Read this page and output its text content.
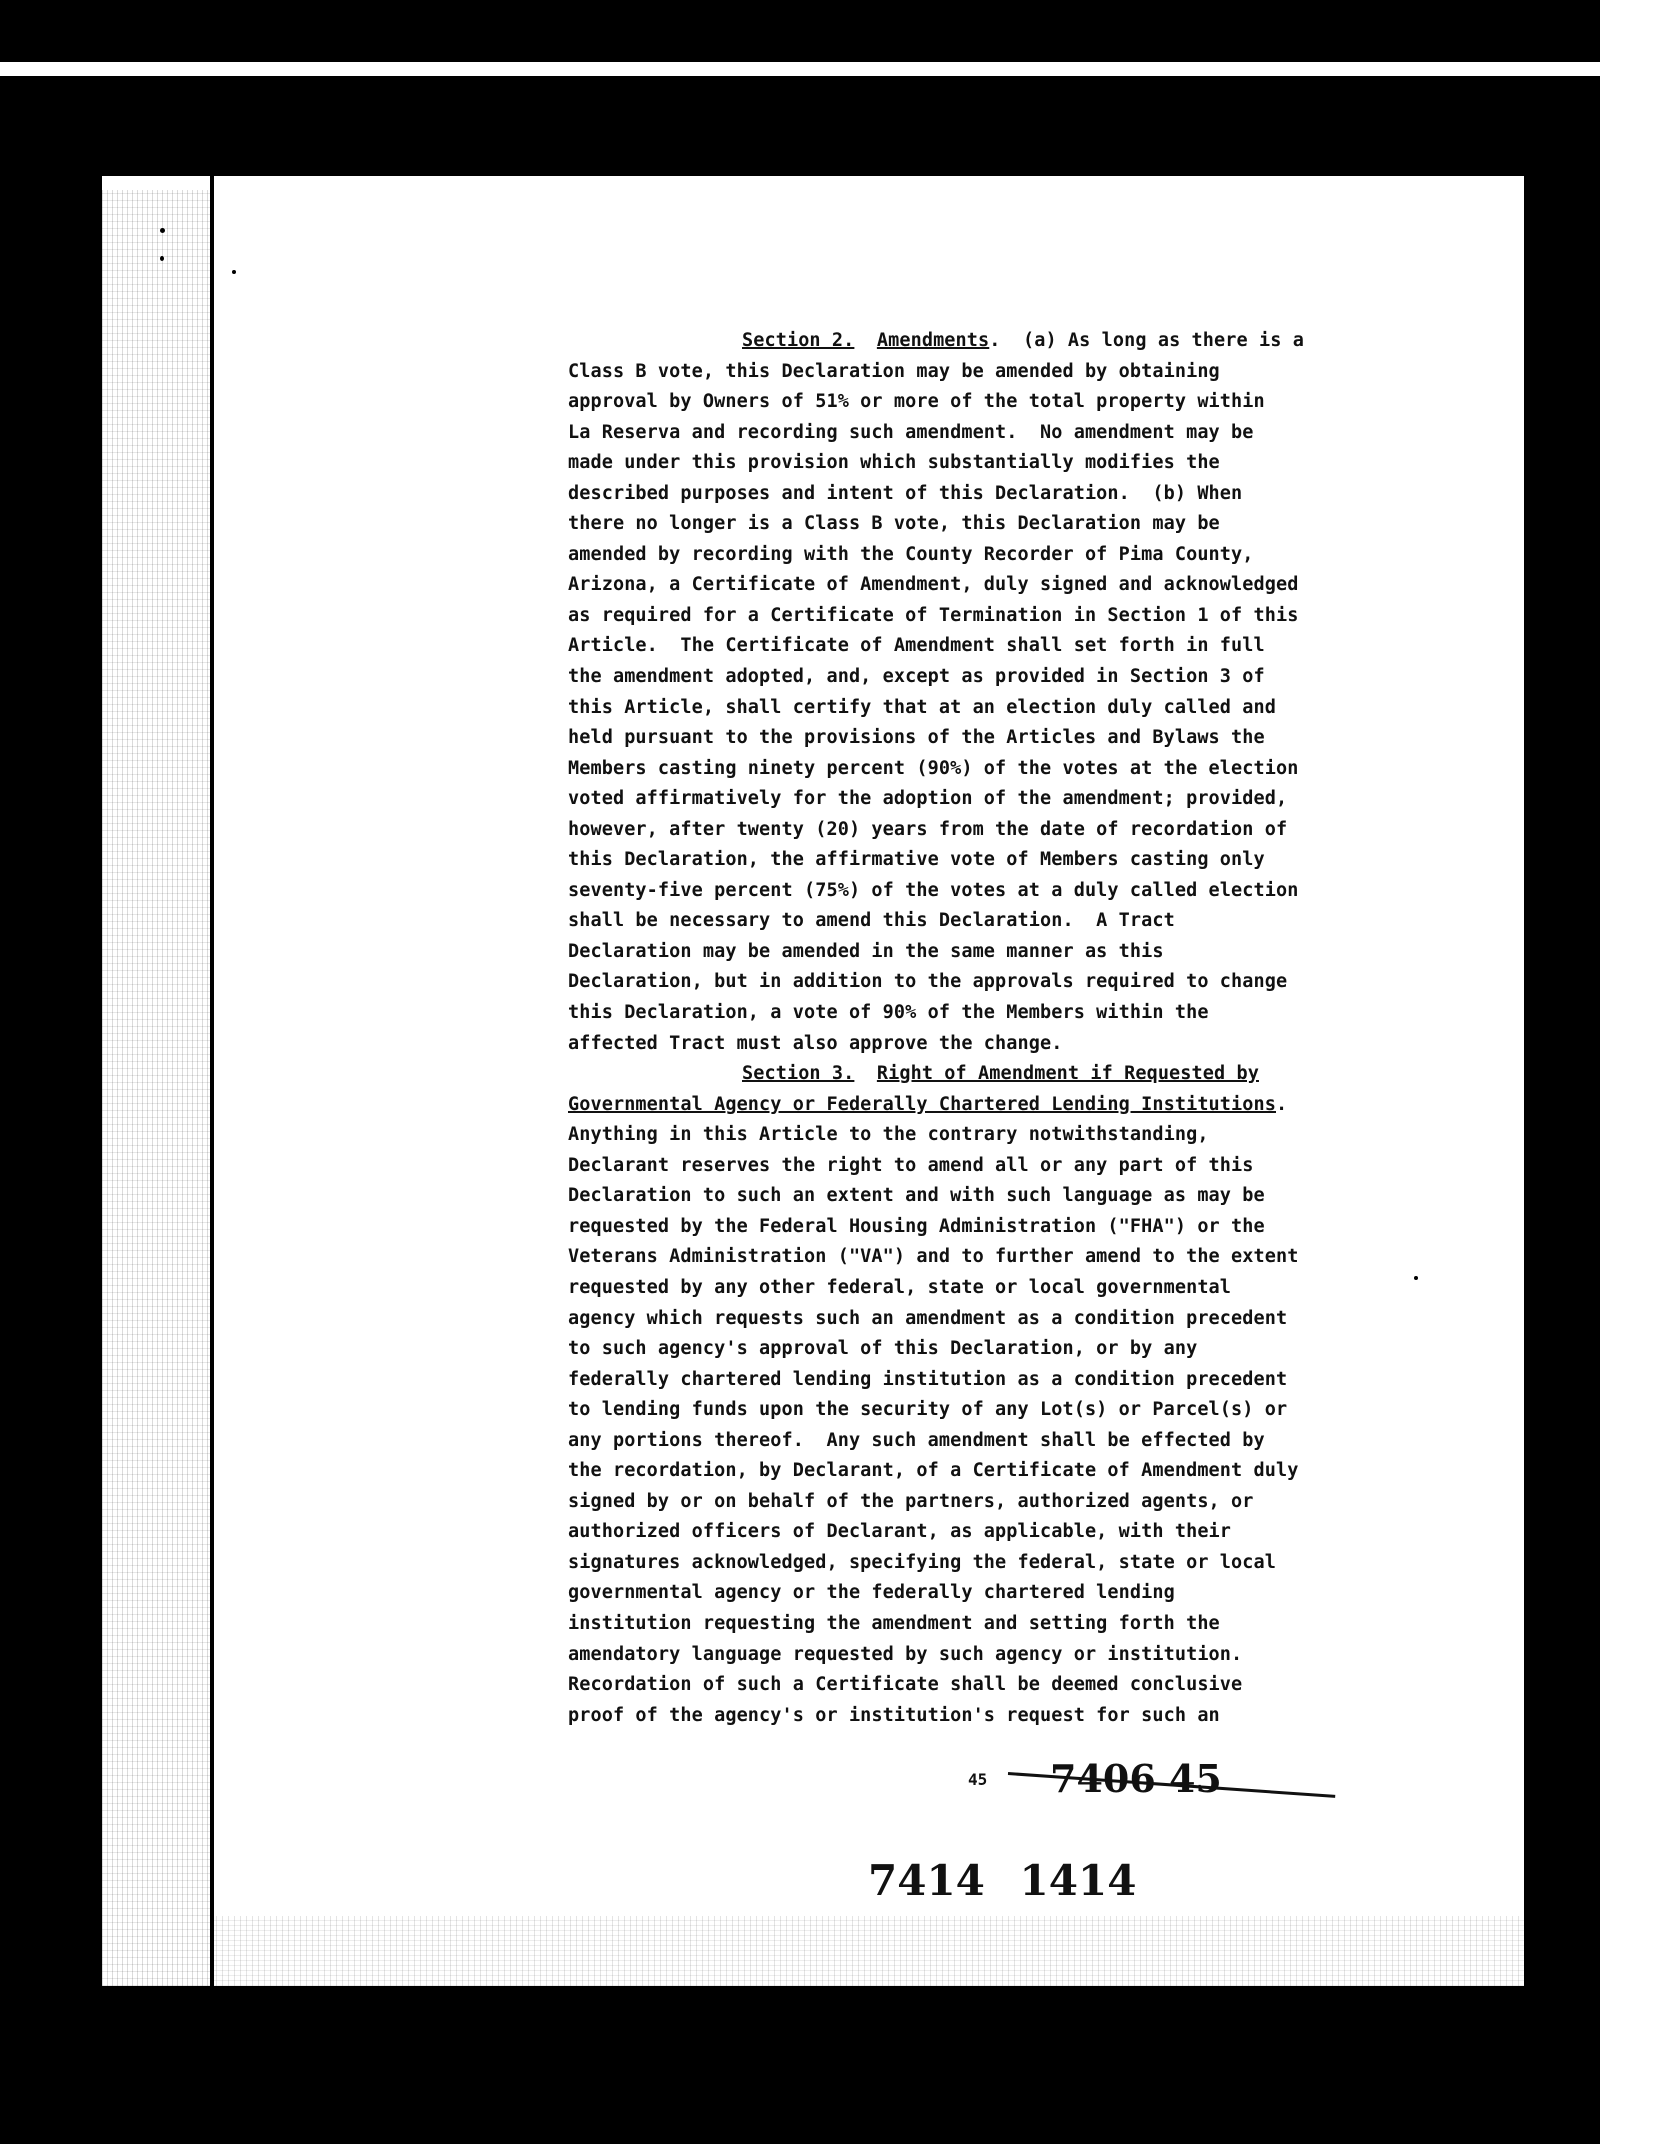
Section 2. Amendments.  (a) As long as there is a
Class B vote, this Declaration may be amended by obtaining
approval by Owners of 51% or more of the total property within
La Reserva and recording such amendment.  No amendment may be
made under this provision which substantially modifies the
described purposes and intent of this Declaration.  (b) When
there no longer is a Class B vote, this Declaration may be
amended by recording with the County Recorder of Pima County,
Arizona, a Certificate of Amendment, duly signed and acknowledged
as required for a Certificate of Termination in Section 1 of this
Article.  The Certificate of Amendment shall set forth in full
the amendment adopted, and, except as provided in Section 3 of
this Article, shall certify that at an election duly called and
held pursuant to the provisions of the Articles and Bylaws the
Members casting ninety percent (90%) of the votes at the election
voted affirmatively for the adoption of the amendment; provided,
however, after twenty (20) years from the date of recordation of
this Declaration, the affirmative vote of Members casting only
seventy-five percent (75%) of the votes at a duly called election
shall be necessary to amend this Declaration.  A Tract
Declaration may be amended in the same manner as this
Declaration, but in addition to the approvals required to change
this Declaration, a vote of 90% of the Members within the
affected Tract must also approve the change.
Section 3. Right of Amendment if Requested by
Governmental Agency or Federally Chartered Lending Institutions.
Anything in this Article to the contrary notwithstanding,
Declarant reserves the right to amend all or any part of this
Declaration to such an extent and with such language as may be
requested by the Federal Housing Administration ("FHA") or the
Veterans Administration ("VA") and to further amend to the extent
requested by any other federal, state or local governmental
agency which requests such an amendment as a condition precedent
to such agency's approval of this Declaration, or by any
federally chartered lending institution as a condition precedent
to lending funds upon the security of any Lot(s) or Parcel(s) or
any portions thereof.  Any such amendment shall be effected by
the recordation, by Declarant, of a Certificate of Amendment duly
signed by or on behalf of the partners, authorized agents, or
authorized officers of Declarant, as applicable, with their
signatures acknowledged, specifying the federal, state or local
governmental agency or the federally chartered lending
institution requesting the amendment and setting forth the
amendatory language requested by such agency or institution.
Recordation of such a Certificate shall be deemed conclusive
proof of the agency's or institution's request for such an
45 7406 45
7414 1414
